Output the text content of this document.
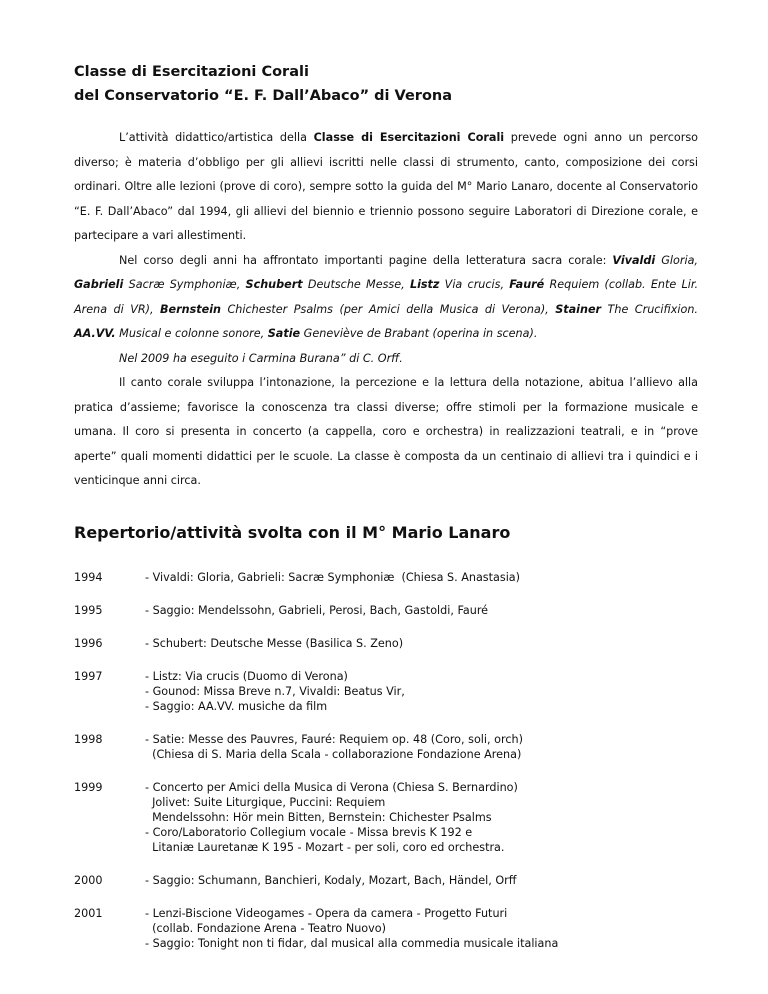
Classe di Esercitazioni Corali

del Conservatorio “E. F. Dall’Abaco” di Verona

L’attività didattico/artistica della Classe di Esercitazioni Corali prevede ogni anno un percorso diverso; è materia d’obbligo per gli allievi iscritti nelle classi di strumento, canto, composizione dei corsi ordinari. Oltre alle lezioni (prove di coro), sempre sotto la guida del M° Mario Lanaro, docente al Conservatorio “E. F. Dall’Abaco” dal 1994, gli allievi del biennio e triennio possono seguire Laboratori di Direzione corale, e partecipare a vari allestimenti.

Nel corso degli anni ha affrontato importanti pagine della letteratura sacra corale: Vivaldi Gloria, Gabrieli Sacræ Symphoniæ, Schubert Deutsche Messe, Listz Via crucis, Fauré Requiem (collab. Ente Lir. Arena di VR), Bernstein Chichester Psalms (per Amici della Musica di Verona), Stainer The Crucifixion. AA.VV. Musical e colonne sonore, Satie Geneviève de Brabant (operina in scena).

Nel 2009 ha eseguito i Carmina Burana” di C. Orff.

Il canto corale sviluppa l’intonazione, la percezione e la lettura della notazione, abitua l’allievo alla pratica d’assieme; favorisce la conoscenza tra classi diverse; offre stimoli per la formazione musicale e umana. Il coro si presenta in concerto (a cappella, coro e orchestra) in realizzazioni teatrali, e in “prove aperte” quali momenti didattici per le scuole. La classe è composta da un centinaio di allievi tra i quindici e i venticinque anni circa.

Repertorio/attività svolta con il M° Mario Lanaro
1994	- Vivaldi: Gloria, Gabrieli: Sacræ Symphoniæ  (Chiesa S. Anastasia)
1995	- Saggio: Mendelssohn, Gabrieli, Perosi, Bach, Gastoldi, Fauré
1996	- Schubert: Deutsche Messe (Basilica S. Zeno)
1997	- Listz: Via crucis (Duomo di Verona)
- Gounod: Missa Breve n.7, Vivaldi: Beatus Vir,
- Saggio: AA.VV. musiche da film
1998	- Satie: Messe des Pauvres, Fauré: Requiem op. 48 (Coro, soli, orch)
(Chiesa di S. Maria della Scala - collaborazione Fondazione Arena)
1999	- Concerto per Amici della Musica di Verona (Chiesa S. Bernardino)
Jolivet: Suite Liturgique, Puccini: Requiem
Mendelssohn: Hör mein Bitten, Bernstein: Chichester Psalms
- Coro/Laboratorio Collegium vocale - Missa brevis K 192 e
Litaniæ Lauretanæ K 195 - Mozart - per soli, coro ed orchestra.
2000	- Saggio: Schumann, Banchieri, Kodaly, Mozart, Bach, Händel, Orff
2001	- Lenzi-Biscione Videogames - Opera da camera - Progetto Futuri
(collab. Fondazione Arena - Teatro Nuovo)
- Saggio: Tonight non ti fidar, dal musical alla commedia musicale italiana
